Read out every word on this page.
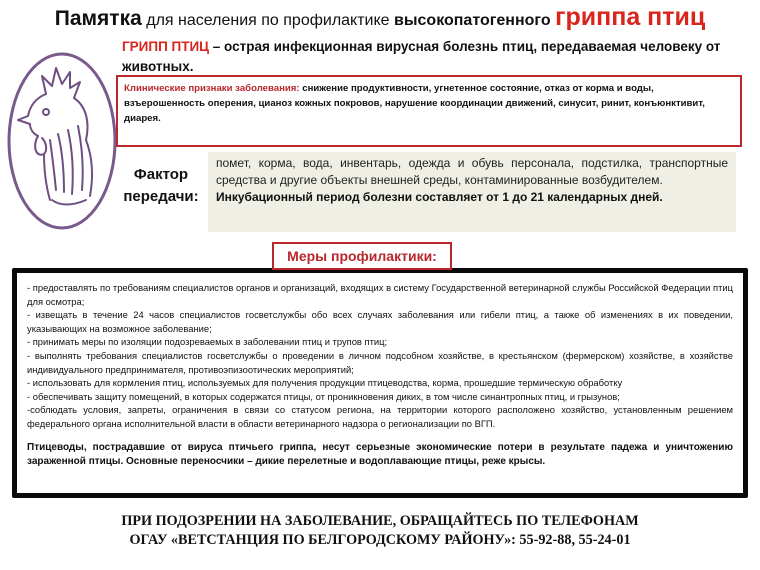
Памятка для населения по профилактике высокопатогенного гриппа птиц
ГРИПП ПТИЦ – острая инфекционная вирусная болезнь птиц, передаваемая человеку от животных.
Клинические признаки заболевания: снижение продуктивности, угнетенное состояние, отказ от корма и воды, взъерошенность оперения, цианоз кожных покровов, нарушение координации движений, синусит, ринит, конъюнктивит, диарея.
Фактор
передачи:
помет, корма, вода, инвентарь, одежда и обувь персонала, подстилка, транспортные средства и другие объекты внешней среды, контаминированные возбудителем.
Инкубационный период болезни составляет от 1 до 21 календарных дней.
Меры профилактики:
- предоставлять по требованиям специалистов органов и организаций, входящих в систему Государственной ветеринарной службы Российской Федерации птиц для осмотра;
- извещать в течение 24 часов специалистов госветслужбы обо всех случаях заболевания или гибели птиц, а также об изменениях в их поведении, указывающих на возможное заболевание;
- принимать меры по изоляции подозреваемых в заболевании птиц и трупов птиц;
- выполнять требования специалистов госветслужбы о проведении в личном подсобном хозяйстве, в крестьянском (фермерском) хозяйстве, в хозяйстве индивидуального предпринимателя, противоэпизоотических мероприятий;
- использовать для кормления птиц, используемых для получения продукции птицеводства, корма, прошедшие термическую обработку
- обеспечивать защиту помещений, в которых содержатся птицы, от проникновения диких, в том числе синантропных птиц, и грызунов;
-соблюдать условия, запреты, ограничения в связи со статусом региона, на территории которого расположено хозяйство, установленным решением федерального органа исполнительной власти в области ветеринарного надзора о регионализации по ВГП.
Птицеводы, пострадавшие от вируса птичьего гриппа, несут серьезные экономические потери в результате падежа и уничтожению зараженной птицы. Основные переносчики – дикие перелетные и водоплавающие птицы, реже крысы.
ПРИ ПОДОЗРЕНИИ НА ЗАБОЛЕВАНИЕ, ОБРАЩАЙТЕСЬ ПО ТЕЛЕФОНАМ
ОГАУ «ВЕТСТАНЦИЯ ПО БЕЛГОРОДСКОМУ РАЙОНУ»: 55-92-88, 55-24-01
